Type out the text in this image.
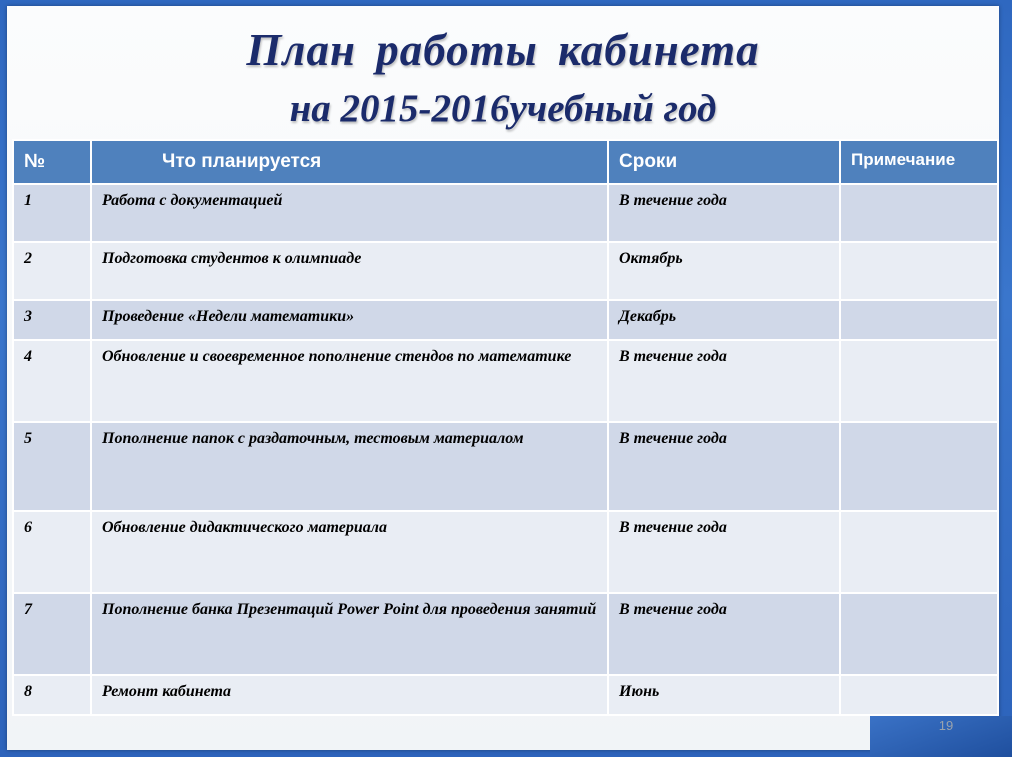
План работы кабинета
на 2015-2016учебный год
№	Что планируется	Сроки	Примечание
1	Работа с документацией	В течение года	
2	Подготовка студентов к олимпиаде	Октябрь	
3	Проведение «Недели математики»	Декабрь	
4	Обновление и своевременное пополнение стендов по математике	В течение года	
5	Пополнение папок с раздаточным, тестовым материалом	В течение года	
6	Обновление дидактического материала	В течение года	
7	Пополнение банка Презентаций Power Point для проведения занятий	В течение года	
8	Ремонт кабинета	Июнь	
19
